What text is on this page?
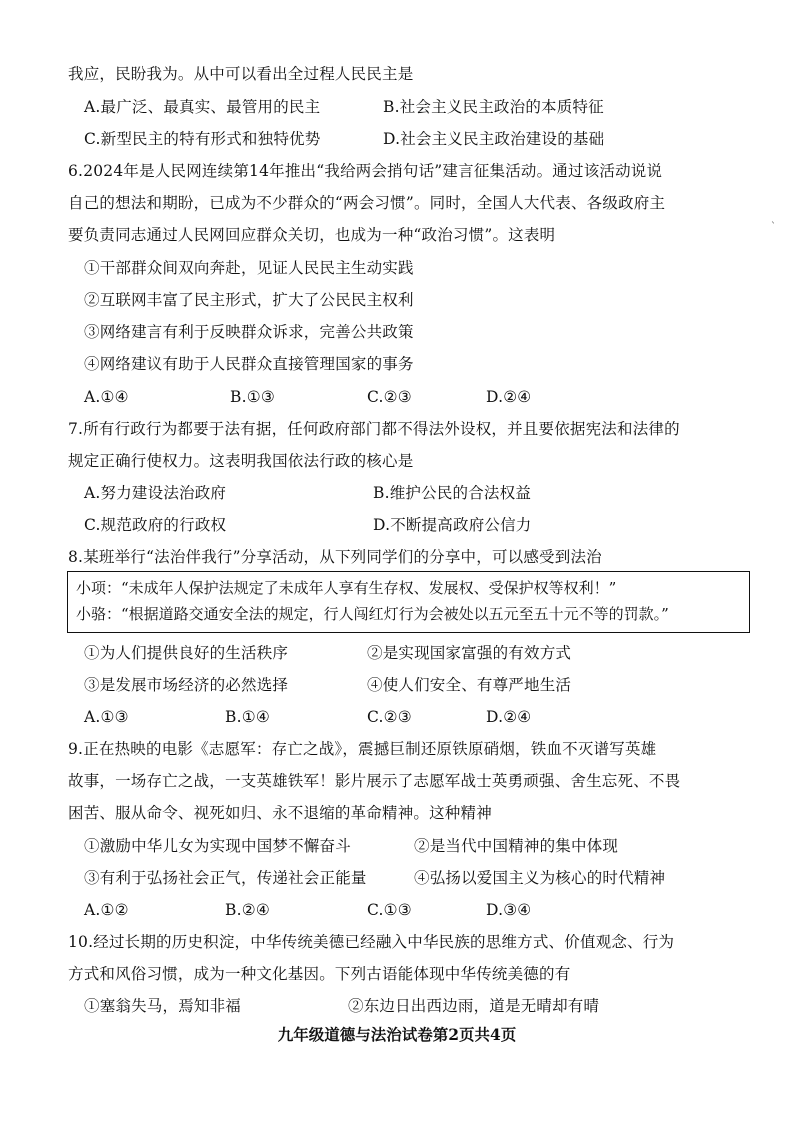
我应，民盼我为。从中可以看出全过程人民民主是
A.最广泛、最真实、最管用的民主	B.社会主义民主政治的本质特征
C.新型民主的特有形式和独特优势	D.社会主义民主政治建设的基础
6.2024年是人民网连续第14年推出“我给两会捎句话”建言征集活动。通过该活动说说
自己的想法和期盼，已成为不少群众的“两会习惯”。同时，全国人大代表、各级政府主
要负责同志通过人民网回应群众关切，也成为一种“政治习惯”。这表明
①干部群众间双向奔赴，见证人民民主生动实践
②互联网丰富了民主形式，扩大了公民民主权利
③网络建言有利于反映群众诉求，完善公共政策
④网络建议有助于人民群众直接管理国家的事务
A.①④	B.①③	C.②③	D.②④
7.所有行政行为都要于法有据，任何政府部门都不得法外设权，并且要依据宪法和法律的
规定正确行使权力。这表明我国依法行政的核心是
A.努力建设法治政府	B.维护公民的合法权益
C.规范政府的行政权	D.不断提高政府公信力
8.某班举行“法治伴我行”分享活动，从下列同学们的分享中，可以感受到法治
小项：“未成年人保护法规定了未成年人享有生存权、发展权、受保护权等权利！”
小骆：“根据道路交通安全法的规定，行人闯红灯行为会被处以五元至五十元不等的罚款。”
①为人们提供良好的生活秩序	②是实现国家富强的有效方式
③是发展市场经济的必然选择	④使人们安全、有尊严地生活
A.①③	B.①④	C.②③	D.②④
9.正在热映的电影《志愿军：存亡之战》，震撼巨制还原铁原硝烟，铁血不灭谱写英雄
故事，一场存亡之战，一支英雄铁军！影片展示了志愿军战士英勇顽强、舍生忘死、不畏
困苦、服从命令、视死如归、永不退缩的革命精神。这种精神
①激励中华儿女为实现中国梦不懈奋斗	②是当代中国精神的集中体现
③有利于弘扬社会正气，传递社会正能量	④弘扬以爱国主义为核心的时代精神
A.①②	B.②④	C.①③	D.③④
10.经过长期的历史积淀，中华传统美德已经融入中华民族的思维方式、价值观念、行为
方式和风俗习惯，成为一种文化基因。下列古语能体现中华传统美德的有
①塞翁失马，焉知非福	②东边日出西边雨，道是无晴却有晴
九年级道德与法治试卷第2页共4页
`
